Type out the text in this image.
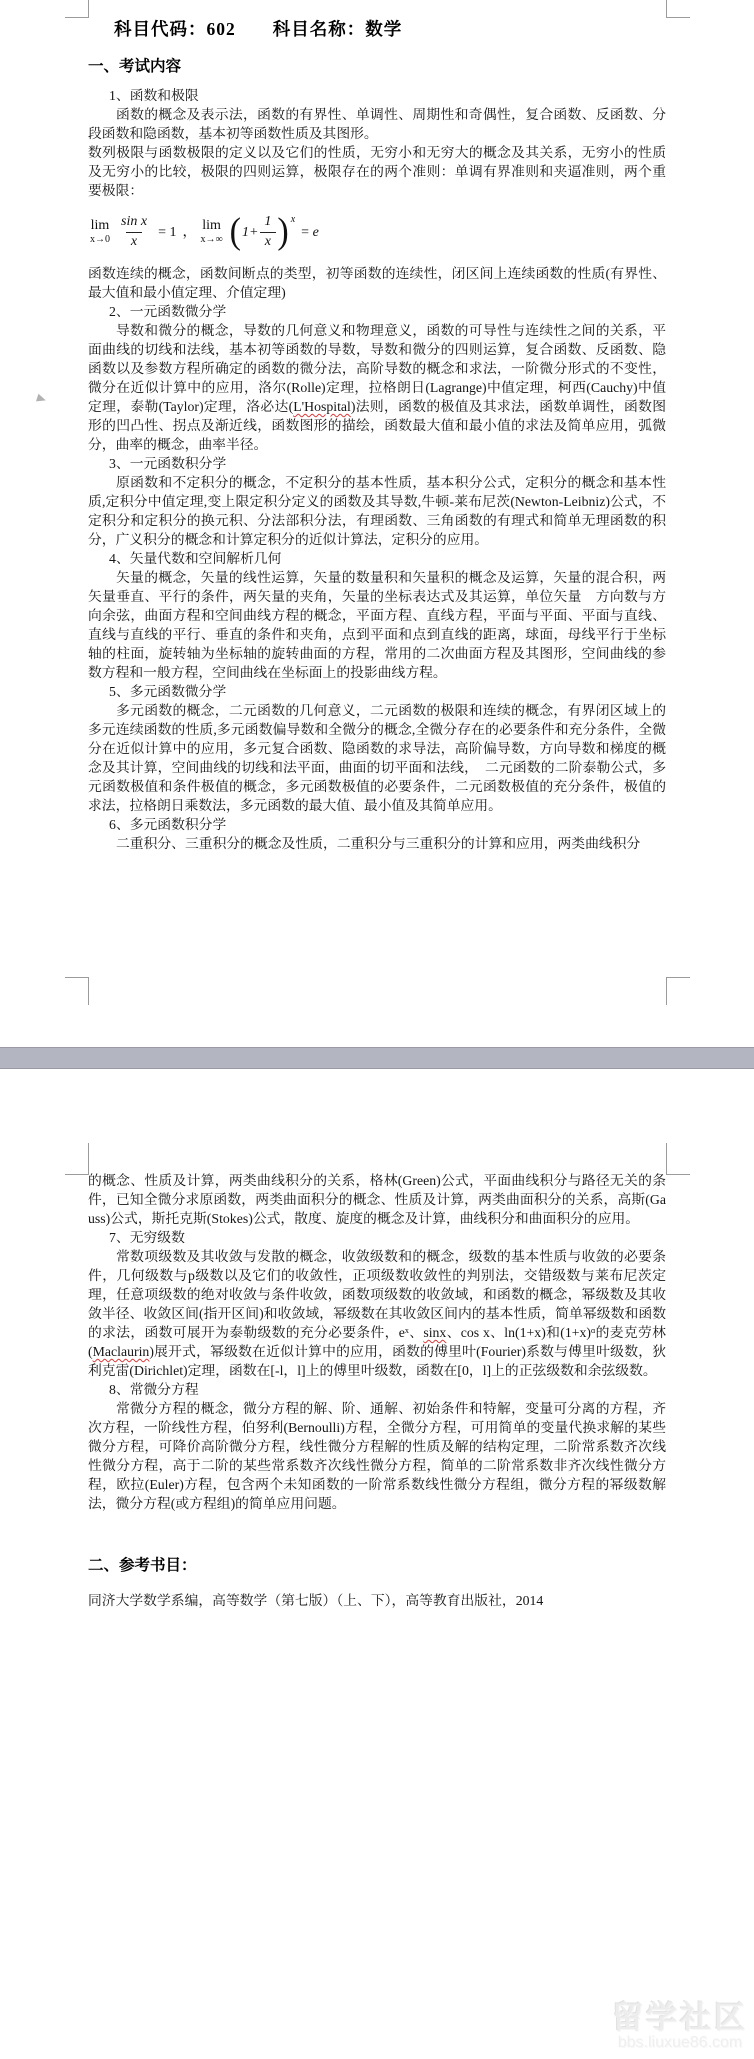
科目代码：602　　科目名称：数学
一、考试内容

1、函数和极限

函数的概念及表示法，函数的有界性、单调性、周期性和奇偶性，复合函数、反函数、分段函数和隐函数，基本初等函数性质及其图形。

数列极限与函数极限的定义以及它们的性质，无穷小和无穷大的概念及其关系，无穷小的性质及无穷小的比较，极限的四则运算，极限存在的两个准则：单调有界准则和夹逼准则，两个重要极限：

lim
$x\to 0 \frac{\text{sin x}}{x} = 1$ ， lim
x→∞ ( $1+ \frac{1}{x}$ ) x
= e

函数连续的概念，函数间断点的类型，初等函数的连续性，闭区间上连续函数的性质(有界性、最大值和最小值定理、介值定理)

2、一元函数微分学

导数和微分的概念，导数的几何意义和物理意义，函数的可导性与连续性之间的关系，平面曲线的切线和法线，基本初等函数的导数，导数和微分的四则运算，复合函数、反函数、隐函数以及参数方程所确定的函数的微分法，高阶导数的概念和求法，一阶微分形式的不变性，微分在近似计算中的应用，洛尔(Rolle)定理，拉格朗日(Lagrange)中值定理，柯西(Cauchy)中值定理，泰勒(Taylor)定理，洛必达(L'Hospital)法则，函数的极值及其求法，函数单调性，函数图形的凹凸性、拐点及渐近线，函数图形的描绘，函数最大值和最小值的求法及简单应用，弧微分，曲率的概念，曲率半径。

3、一元函数积分学

原函数和不定积分的概念，不定积分的基本性质，基本积分公式，定积分的概念和基本性质,定积分中值定理,变上限定积分定义的函数及其导数,牛顿-莱布尼茨(Newton-Leibniz)公式，不定积分和定积分的换元积、分法部积分法，有理函数、三角函数的有理式和简单无理函数的积分，广义积分的概念和计算定积分的近似计算法，定积分的应用。

4、矢量代数和空间解析几何

矢量的概念，矢量的线性运算，矢量的数量积和矢量积的概念及运算，矢量的混合积，两矢量垂直、平行的条件，两矢量的夹角，矢量的坐标表达式及其运算，单位矢量　方向数与方向余弦，曲面方程和空间曲线方程的概念，平面方程、直线方程，平面与平面、平面与直线、直线与直线的平行、垂直的条件和夹角，点到平面和点到直线的距离，球面，母线平行于坐标轴的柱面，旋转轴为坐标轴的旋转曲面的方程，常用的二次曲面方程及其图形，空间曲线的参数方程和一般方程，空间曲线在坐标面上的投影曲线方程。

5、多元函数微分学

多元函数的概念，二元函数的几何意义，二元函数的极限和连续的概念，有界闭区域上的多元连续函数的性质,多元函数偏导数和全微分的概念,全微分存在的必要条件和充分条件，全微分在近似计算中的应用，多元复合函数、隐函数的求导法，高阶偏导数，方向导数和梯度的概念及其计算，空间曲线的切线和法平面，曲面的切平面和法线，　二元函数的二阶泰勒公式，多元函数极值和条件极值的概念，多元函数极值的必要条件，二元函数极值的充分条件，极值的求法，拉格朗日乘数法，多元函数的最大值、最小值及其简单应用。

6、多元函数积分学

二重积分、三重积分的概念及性质，二重积分与三重积分的计算和应用，两类曲线积分

的概念、性质及计算，两类曲线积分的关系，格林(Green)公式，平面曲线积分与路径无关的条件，已知全微分求原函数，两类曲面积分的概念、性质及计算，两类曲面积分的关系，高斯(Gauss)公式，斯托克斯(Stokes)公式，散度、旋度的概念及计算，曲线积分和曲面积分的应用。

7、无穷级数

常数项级数及其收敛与发散的概念，收敛级数和的概念，级数的基本性质与收敛的必要条件，几何级数与p级数以及它们的收敛性，正项级数收敛性的判别法，交错级数与莱布尼茨定理，任意项级数的绝对收敛与条件收敛，函数项级数的收敛域，和函数的概念，幂级数及其收敛半径、收敛区间(指开区间)和收敛域，幂级数在其收敛区间内的基本性质，简单幂级数和函数的求法，函数可展开为泰勒级数的充分必要条件，eˣ、sinx、cos x、ln(1+x)和(1+x)ᵅ的麦克劳林(Maclaurin)展开式，幂级数在近似计算中的应用，函数的傅里叶(Fourier)系数与傅里叶级数，狄利克雷(Dirichlet)定理，函数在[-l，l]上的傅里叶级数，函数在[0，l]上的正弦级数和余弦级数。

8、常微分方程

常微分方程的概念，微分方程的解、阶、通解、初始条件和特解，变量可分离的方程，齐次方程，一阶线性方程，伯努利(Bernoulli)方程，全微分方程，可用简单的变量代换求解的某些微分方程，可降价高阶微分方程，线性微分方程解的性质及解的结构定理，二阶常系数齐次线性微分方程，高于二阶的某些常系数齐次线性微分方程，简单的二阶常系数非齐次线性微分方程，欧拉(Euler)方程，包含两个未知函数的一阶常系数线性微分方程组，微分方程的幂级数解法，微分方程(或方程组)的简单应用问题。

二、参考书目：

同济大学数学系编，高等数学（第七版）（上、下），高等教育出版社，2014

留学社区
bbs.liuxue86.com
